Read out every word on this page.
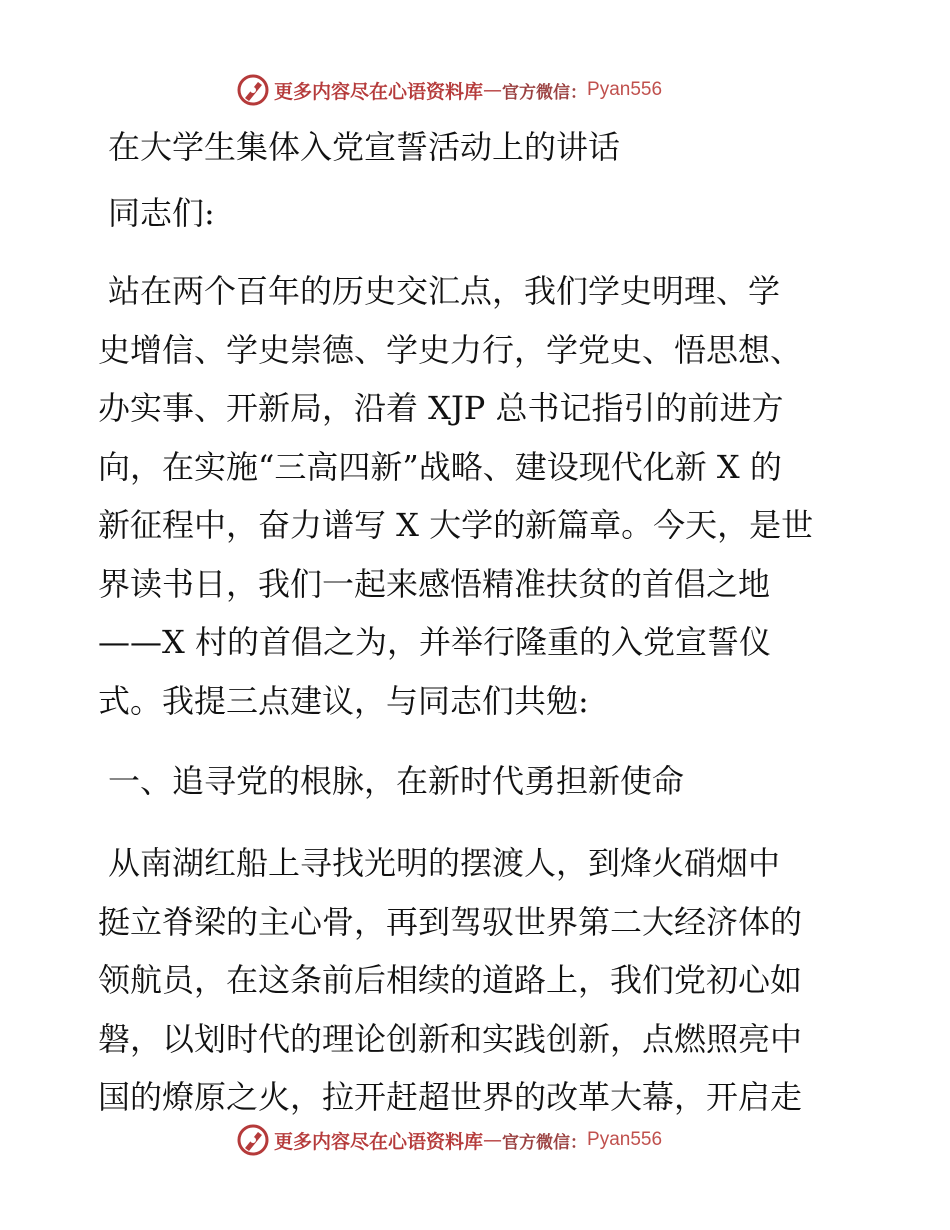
更多内容尽在心语资料库 — 官方微信： Pyan556
在大学生集体入党宣誓活动上的讲话
同志们:
站在两个百年的历史交汇点，我们学史明理、学
史增信、学史崇德、学史力行，学党史、悟思想、
办实事、开新局，沿着 XJP 总书记指引的前进方
向，在实施“三高四新”战略、建设现代化新 X 的
新征程中，奋力谱写 X 大学的新篇章。今天，是世
界读书日，我们一起来感悟精准扶贫的首倡之地
——X 村的首倡之为，并举行隆重的入党宣誓仪
式。我提三点建议，与同志们共勉:
一、追寻党的根脉，在新时代勇担新使命
从南湖红船上寻找光明的摆渡人，到烽火硝烟中
挺立脊梁的主心骨，再到驾驭世界第二大经济体的
领航员，在这条前后相续的道路上，我们党初心如
磐，以划时代的理论创新和实践创新，点燃照亮中
国的燎原之火，拉开赶超世界的改革大幕，开启走
更多内容尽在心语资料库 — 官方微信： Pyan556
